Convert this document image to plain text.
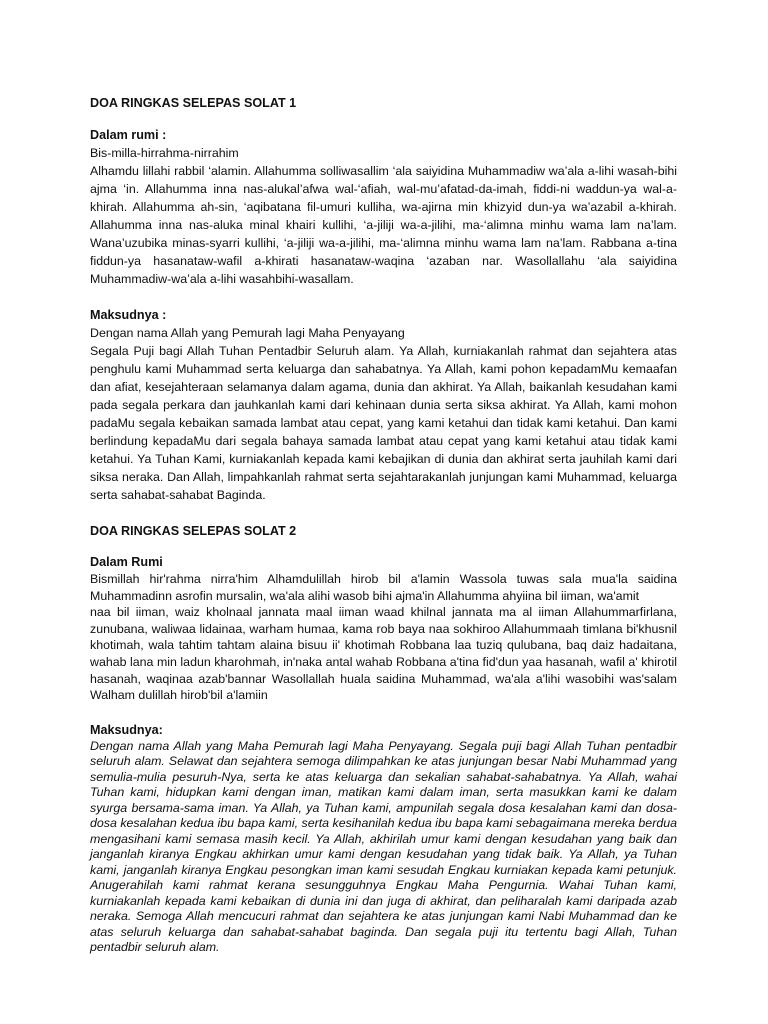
DOA RINGKAS SELEPAS SOLAT 1

Dalam rumi :

Bis-milla-hirrahma-nirrahim

Alhamdu lillahi rabbil ‘alamin. Allahumma solliwasallim ‘ala saiyidina Muhammadiw wa’ala a-lihi wasah-bihi ajma ‘in. Allahumma inna nas-alukal’afwa wal-‘afiah, wal-mu’afatad-da-imah, fiddi-ni waddun-ya wal-a-khirah. Allahumma ah-sin, ‘aqibatana fil-umuri kulliha, wa-ajirna min khizyid dun-ya wa’azabil a-khirah. Allahumma inna nas-aluka minal khairi kullihi, ‘a-jiliji wa-a-jilihi, ma-‘alimna minhu wama lam na’lam. Wana’uzubika minas-syarri kullihi, ‘a-jiliji wa-a-jilihi, ma-‘alimna minhu wama lam na’lam. Rabbana a-tina fiddun-ya hasanataw-wafil a-khirati hasanataw-waqina ‘azaban nar. Wasollallahu ‘ala saiyidina Muhammadiw-wa’ala a-lihi wasahbihi-wasallam.

Maksudnya :

Dengan nama Allah yang Pemurah lagi Maha Penyayang

Segala Puji bagi Allah Tuhan Pentadbir Seluruh alam. Ya Allah, kurniakanlah rahmat dan sejahtera atas penghulu kami Muhammad serta keluarga dan sahabatnya. Ya Allah, kami pohon kepadamMu kemaafan dan afiat, kesejahteraan selamanya dalam agama, dunia dan akhirat. Ya Allah, baikanlah kesudahan kami pada segala perkara dan jauhkanlah kami dari kehinaan dunia serta siksa akhirat. Ya Allah, kami mohon padaMu segala kebaikan samada lambat atau cepat, yang kami ketahui dan tidak kami ketahui. Dan kami berlindung kepadaMu dari segala bahaya samada lambat atau cepat yang kami ketahui atau tidak kami ketahui. Ya Tuhan Kami, kurniakanlah kepada kami kebajikan di dunia dan akhirat serta jauhilah kami dari siksa neraka. Dan Allah, limpahkanlah rahmat serta sejahtarakanlah junjungan kami Muhammad, keluarga serta sahabat-sahabat Baginda.

DOA RINGKAS SELEPAS SOLAT 2

Dalam Rumi

Bismillah hir'rahma nirra'him Alhamdulillah hirob bil a'lamin Wassola tuwas sala mua'la saidina Muhammadinn asrofin mursalin, wa'ala alihi wasob bihi ajma'in Allahumma ahyiina bil iiman, wa'amit

naa bil iiman, waiz kholnaal jannata maal iiman waad khilnal jannata ma al iiman Allahummarfirlana, zunubana, waliwaa lidainaa, warham humaa, kama rob baya naa sokhiroo Allahummaah timlana bi'khusnil khotimah, wala tahtim tahtam alaina bisuu ii' khotimah Robbana laa tuziq qulubana, baq daiz hadaitana, wahab lana min ladun kharohmah, in'naka antal wahab Robbana a'tina fid'dun yaa hasanah, wafil a' khirotil hasanah, waqinaa azab'bannar Wasollallah huala saidina Muhammad, wa'ala a'lihi wasobihi was'salam Walham dulillah hirob'bil a'lamiin

Maksudnya:

Dengan nama Allah yang Maha Pemurah lagi Maha Penyayang. Segala puji bagi Allah Tuhan pentadbir seluruh alam. Selawat dan sejahtera semoga dilimpahkan ke atas junjungan besar Nabi Muhammad yang semulia-mulia pesuruh-Nya, serta ke atas keluarga dan sekalian sahabat-sahabatnya. Ya Allah, wahai Tuhan kami, hidupkan kami dengan iman, matikan kami dalam iman, serta masukkan kami ke dalam syurga bersama-sama iman. Ya Allah, ya Tuhan kami, ampunilah segala dosa kesalahan kami dan dosa-dosa kesalahan kedua ibu bapa kami, serta kesihanilah kedua ibu bapa kami sebagaimana mereka berdua mengasihani kami semasa masih kecil. Ya Allah, akhirilah umur kami dengan kesudahan yang baik dan janganlah kiranya Engkau akhirkan umur kami dengan kesudahan yang tidak baik. Ya Allah, ya Tuhan kami, janganlah kiranya Engkau pesongkan iman kami sesudah Engkau kurniakan kepada kami petunjuk. Anugerahilah kami rahmat kerana sesungguhnya Engkau Maha Pengurnia. Wahai Tuhan kami, kurniakanlah kepada kami kebaikan di dunia ini dan juga di akhirat, dan peliharalah kami daripada azab neraka. Semoga Allah mencucuri rahmat dan sejahtera ke atas junjungan kami Nabi Muhammad dan ke atas seluruh keluarga dan sahabat-sahabat baginda. Dan segala puji itu tertentu bagi Allah, Tuhan pentadbir seluruh alam.
